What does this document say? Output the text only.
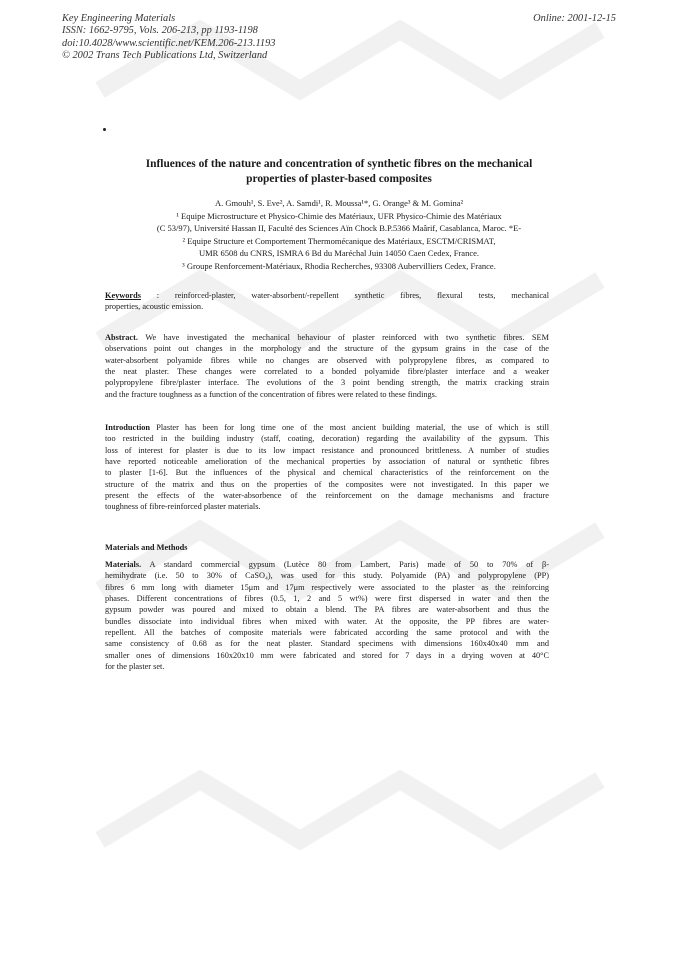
Key Engineering Materials
ISSN: 1662-9795, Vols. 206-213, pp 1193-1198
doi:10.4028/www.scientific.net/KEM.206-213.1193
© 2002 Trans Tech Publications Ltd, Switzerland
Online: 2001-12-15
Influences of the nature and concentration of synthetic fibres on the mechanical
properties of plaster-based composites
A. Gmouh¹, S. Eve², A. Samdi¹, R. Moussa¹*, G. Orange³ & M. Gomina²
¹ Equipe Microstructure et Physico-Chimie des Matériaux, UFR Physico-Chimie des Matériaux
(C 53/97), Université Hassan II, Faculté des Sciences Aïn Chock B.P.5366 Maârif, Casablanca, Maroc. *E-
² Equipe Structure et Comportement Thermomécanique des Matériaux, ESCTM/CRISMAT,
UMR 6508 du CNRS, ISMRA 6 Bd du Maréchal Juin 14050 Caen Cedex, France.
³ Groupe Renforcement-Matériaux, Rhodia Recherches, 93308 Aubervilliers Cedex, France.
Keywords : reinforced-plaster, water-absorbent/-repellent synthetic fibres, flexural tests, mechanical
properties, acoustic emission.
Abstract. We have investigated the mechanical behaviour of plaster reinforced with two synthetic fibres. SEM
observations point out changes in the morphology and the structure of the gypsum grains in the case of the
water-absorbent polyamide fibres while no changes are observed with polypropylene fibres, as compared to
the neat plaster. These changes were correlated to a bonded polyamide fibre/plaster interface and a weaker
polypropylene fibre/plaster interface. The evolutions of the 3 point bending strength, the matrix cracking strain
and the fracture toughness as a function of the concentration of fibres were related to these findings.
Introduction Plaster has been for long time one of the most ancient building material, the use of which is still
too restricted in the building industry (staff, coating, decoration) regarding the availability of the gypsum. This
loss of interest for plaster is due to its low impact resistance and pronounced brittleness. A number of studies
have reported noticeable amelioration of the mechanical properties by association of natural or synthetic fibres
to plaster [1-6]. But the influences of the physical and chemical characteristics of the reinforcement on the
structure of the matrix and thus on the properties of the composites were not investigated. In this paper we
present the effects of the water-absorbence of the reinforcement on the damage mechanisms and fracture
toughness of fibre-reinforced plaster materials.
Materials and Methods
Materials. A standard commercial gypsum (Lutèce 80 from Lambert, Paris) made of 50 to 70% of β-
hemihydrate (i.e. 50 to 30% of CaSO₄), was used for this study. Polyamide (PA) and polypropylene (PP)
fibres 6 mm long with diameter 15μm and 17μm respectively were associated to the plaster as the reinforcing
phases. Different concentrations of fibres (0.5, 1, 2 and 5 wt%) were first dispersed in water and then the
gypsum powder was poured and mixed to obtain a blend. The PA fibres are water-absorbent and thus the
bundles dissociate into individual fibres when mixed with water. At the opposite, the PP fibres are water-
repellent. All the batches of composite materials were fabricated according the same protocol and with the
same consistency of 0.68 as for the neat plaster. Standard specimens with dimensions 160x40x40 mm and
smaller ones of dimensions 160x20x10 mm were fabricated and stored for 7 days in a drying woven at 40°C
for the plaster set.
